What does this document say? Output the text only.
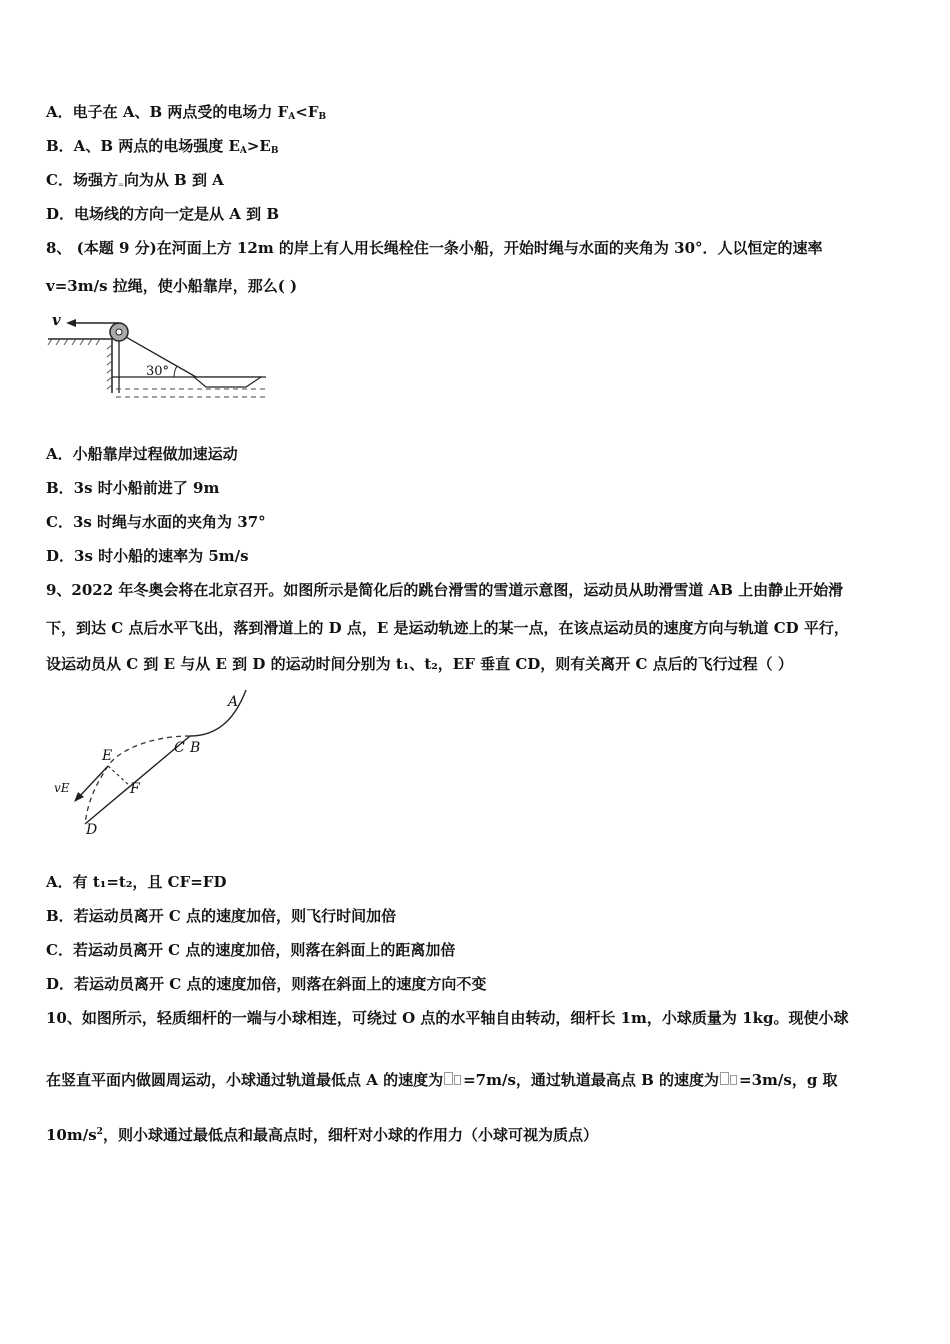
A．电子在 A、B 两点受的电场力 $F_A<F_B$
B．A、B 两点的电场强度 $E_A>E_B$
C．场强方$_=$向为从 B 到 A
D．电场线的方向一定是从 A 到 B
8、 (本题 9 分)在河面上方 12m 的岸上有人用长绳栓住一条小船，开始时绳与水面的夹角为 30°．人以恒定的速率
v=3m/s 拉绳，使小船靠岸，那么( )
v
30°
A．小船靠岸过程做加速运动
B．3s 时小船前进了 9m
C．3s 时绳与水面的夹角为 37°
D．3s 时小船的速率为 5m/s
9、2022 年冬奥会将在北京召开。如图所示是简化后的跳台滑雪的雪道示意图，运动员从助滑雪道 AB 上由静止开始滑
下，到达 C 点后水平飞出，落到滑道上的 D 点，E 是运动轨迹上的某一点，在该点运动员的速度方向与轨道 CD 平行，
设运动员从 C 到 E 与从 E 到 D 的运动时间分别为 t₁、t₂，EF 垂直 CD，则有关离开 C 点后的飞行过程（ ）
A
C B
E
F
D
vE
A．有 t₁=t₂，且 CF=FD
B．若运动员离开 C 点的速度加倍，则飞行时间加倍
C．若运动员离开 C 点的速度加倍，则落在斜面上的距离加倍
D．若运动员离开 C 点的速度加倍，则落在斜面上的速度方向不变
10、如图所示，轻质细杆的一端与小球相连，可绕过 O 点的水平轴自由转动，细杆长 1m，小球质量为 1kg。现使小球
在竖直平面内做圆周运动，小球通过轨道最低点 A 的速度为 =7m/s，通过轨道最高点 B 的速度为 =3m/s，g 取
$10m/s^2$，则小球通过最低点和最高点时，细杆对小球的作用力（小球可视为质点）
